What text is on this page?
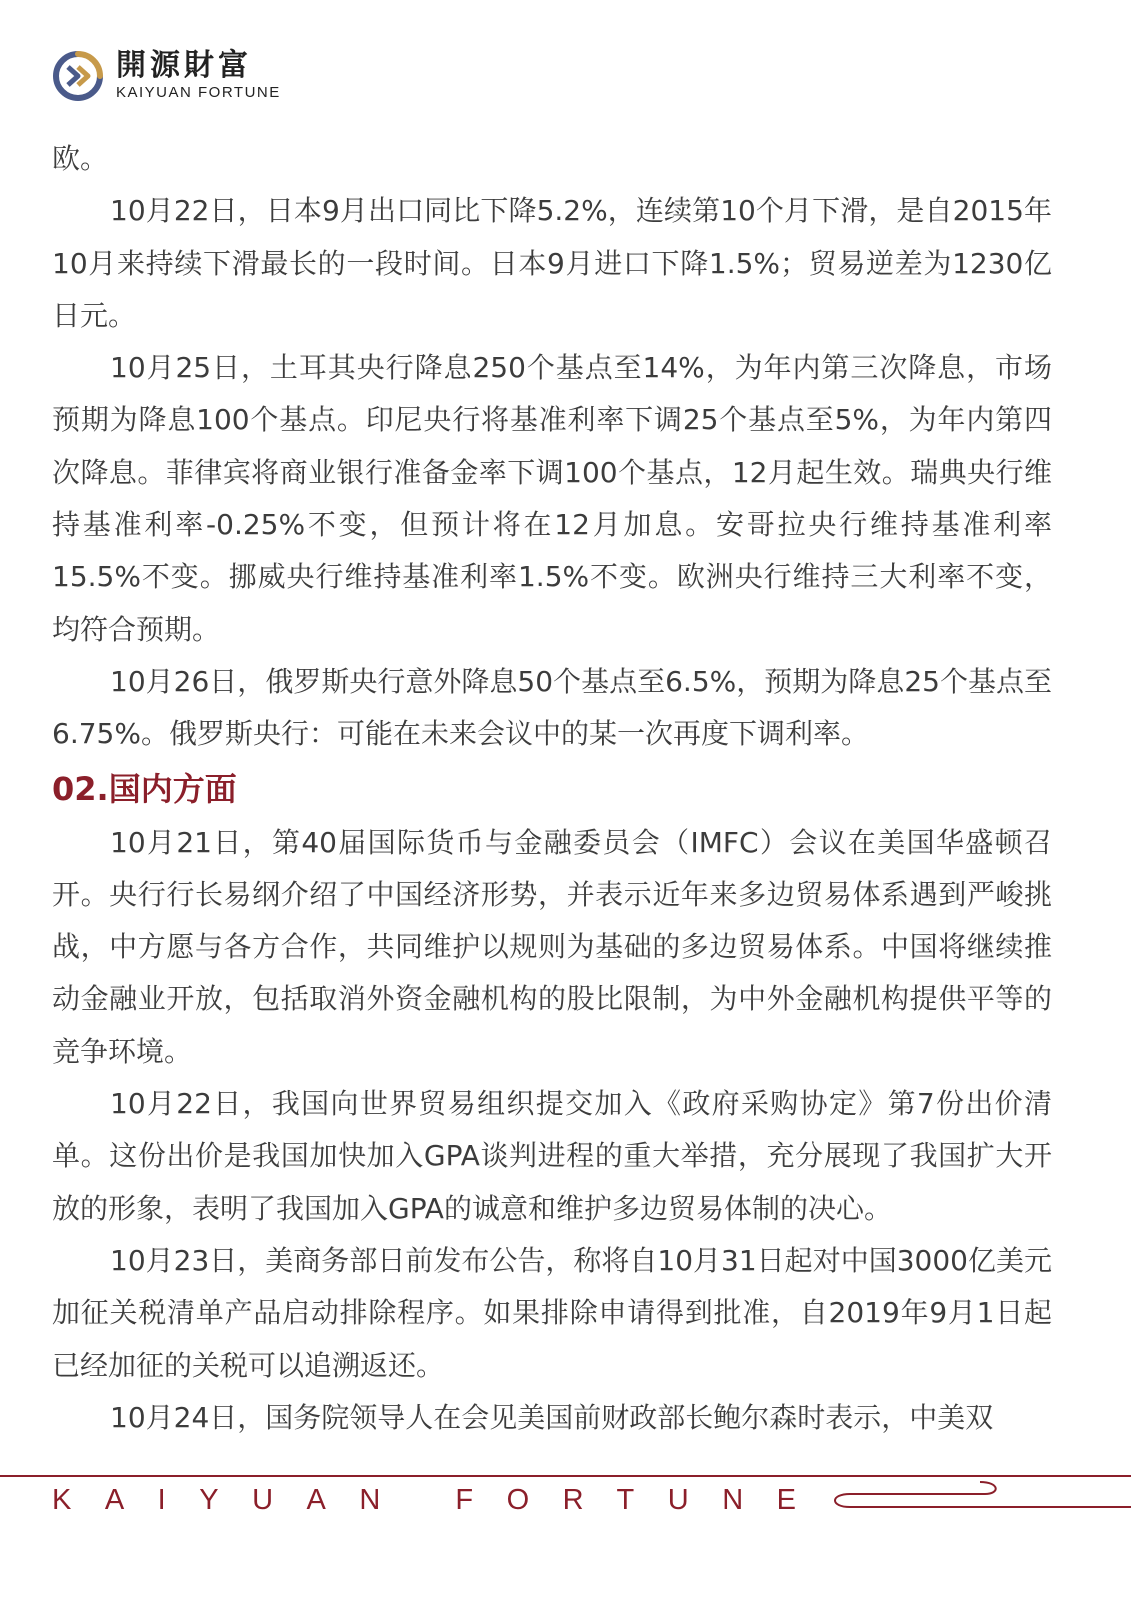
開源財富
KAIYUAN FORTUNE

欧。

10月22日，日本9月出口同比下降5.2%，连续第10个月下滑，是自2015年10月来持续下滑最长的一段时间。日本9月进口下降1.5%；贸易逆差为1230亿日元。

10月25日，土耳其央行降息250个基点至14%，为年内第三次降息，市场预期为降息100个基点。印尼央行将基准利率下调25个基点至5%，为年内第四次降息。菲律宾将商业银行准备金率下调100个基点，12月起生效。瑞典央行维持基准利率-0.25%不变，但预计将在12月加息。安哥拉央行维持基准利率15.5%不变。挪威央行维持基准利率1.5%不变。欧洲央行维持三大利率不变，均符合预期。

10月26日，俄罗斯央行意外降息50个基点至6.5%，预期为降息25个基点至6.75%。俄罗斯央行：可能在未来会议中的某一次再度下调利率。

02.国内方面

10月21日，第40届国际货币与金融委员会（IMFC）会议在美国华盛顿召开。央行行长易纲介绍了中国经济形势，并表示近年来多边贸易体系遇到严峻挑战，中方愿与各方合作，共同维护以规则为基础的多边贸易体系。中国将继续推动金融业开放，包括取消外资金融机构的股比限制，为中外金融机构提供平等的竞争环境。

10月22日，我国向世界贸易组织提交加入《政府采购协定》第7份出价清单。这份出价是我国加快加入GPA谈判进程的重大举措，充分展现了我国扩大开放的形象，表明了我国加入GPA的诚意和维护多边贸易体制的决心。

10月23日，美商务部日前发布公告，称将自10月31日起对中国3000亿美元加征关税清单产品启动排除程序。如果排除申请得到批准，自2019年9月1日起已经加征的关税可以追溯返还。

10月24日，国务院领导人在会见美国前财政部长鲍尔森时表示，中美双

KAIYUAN FORTUNE
